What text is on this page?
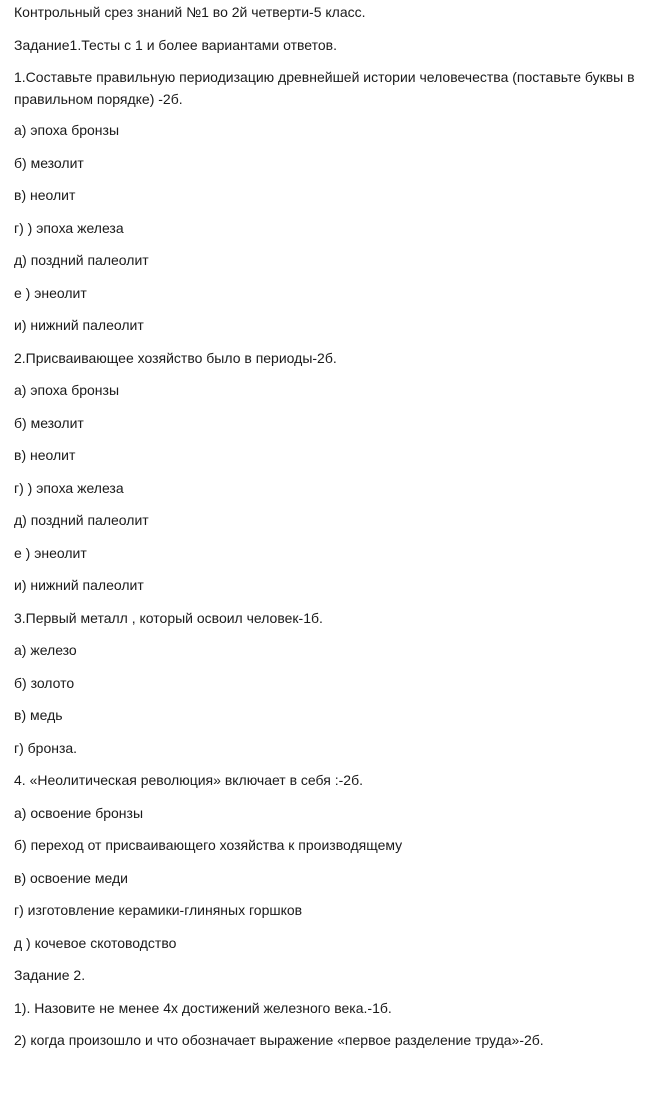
Контрольный срез знаний №1 во 2й четверти-5 класс.
Задание1.Тесты с 1 и более вариантами ответов.
1.Составьте правильную периодизацию древнейшей истории человечества (поставьте буквы в
правильном порядке) -2б.
а) эпоха бронзы
б) мезолит
в) неолит
г) ) эпоха железа
д) поздний палеолит
е ) энеолит
и) нижний палеолит
2.Присваивающее хозяйство было в периоды-2б.
а) эпоха бронзы
б) мезолит
в) неолит
г) ) эпоха железа
д) поздний палеолит
е ) энеолит
и) нижний палеолит
3.Первый металл , который освоил человек-1б.
а) железо
б) золото
в) медь
г) бронза.
4. «Неолитическая революция» включает в себя :-2б.
а) освоение бронзы
б) переход от присваивающего хозяйства к производящему
в) освоение меди
г) изготовление керамики-глиняных горшков
д ) кочевое скотоводство
Задание 2.
1). Назовите не менее 4х достижений железного века.-1б.
2) когда произошло и что обозначает выражение «первое разделение труда»-2б.
